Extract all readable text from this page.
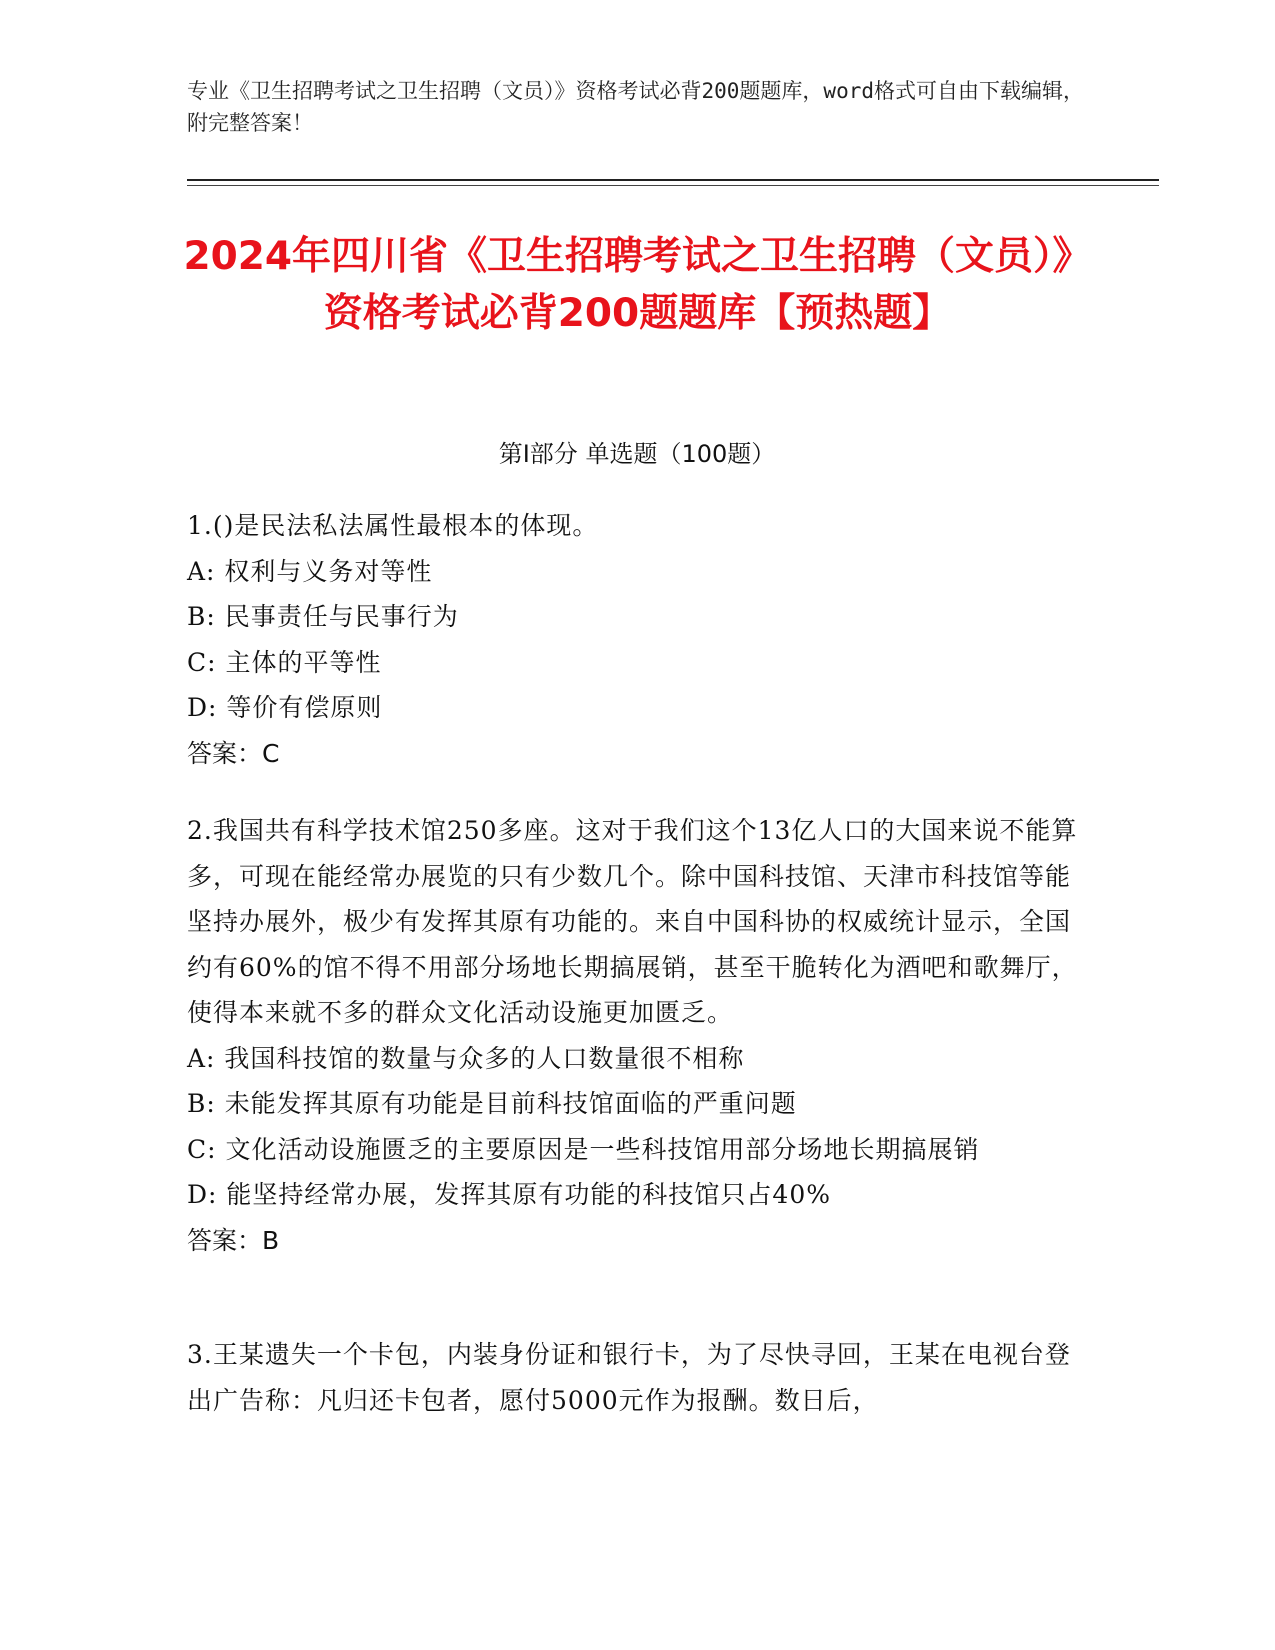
专业《卫生招聘考试之卫生招聘（文员）》资格考试必背200题题库，word格式可自由下载编辑，附完整答案！
2024年四川省《卫生招聘考试之卫生招聘（文员）》资格考试必背200题题库【预热题】
第I部分 单选题（100题）

1.()是民法私法属性最根本的体现。

A: 权利与义务对等性

B: 民事责任与民事行为

C: 主体的平等性

D: 等价有偿原则

答案：C

2.我国共有科学技术馆250多座。这对于我们这个13亿人口的大国来说不能算多，可现在能经常办展览的只有少数几个。除中国科技馆、天津市科技馆等能坚持办展外，极少有发挥其原有功能的。来自中国科协的权威统计显示，全国约有60%的馆不得不用部分场地长期搞展销，甚至干脆转化为酒吧和歌舞厅，使得本来就不多的群众文化活动设施更加匮乏。

A: 我国科技馆的数量与众多的人口数量很不相称

B: 未能发挥其原有功能是目前科技馆面临的严重问题

C: 文化活动设施匮乏的主要原因是一些科技馆用部分场地长期搞展销

D: 能坚持经常办展，发挥其原有功能的科技馆只占40%

答案：B

3.王某遗失一个卡包，内装身份证和银行卡，为了尽快寻回，王某在电视台登出广告称：凡归还卡包者，愿付5000元作为报酬。数日后，
